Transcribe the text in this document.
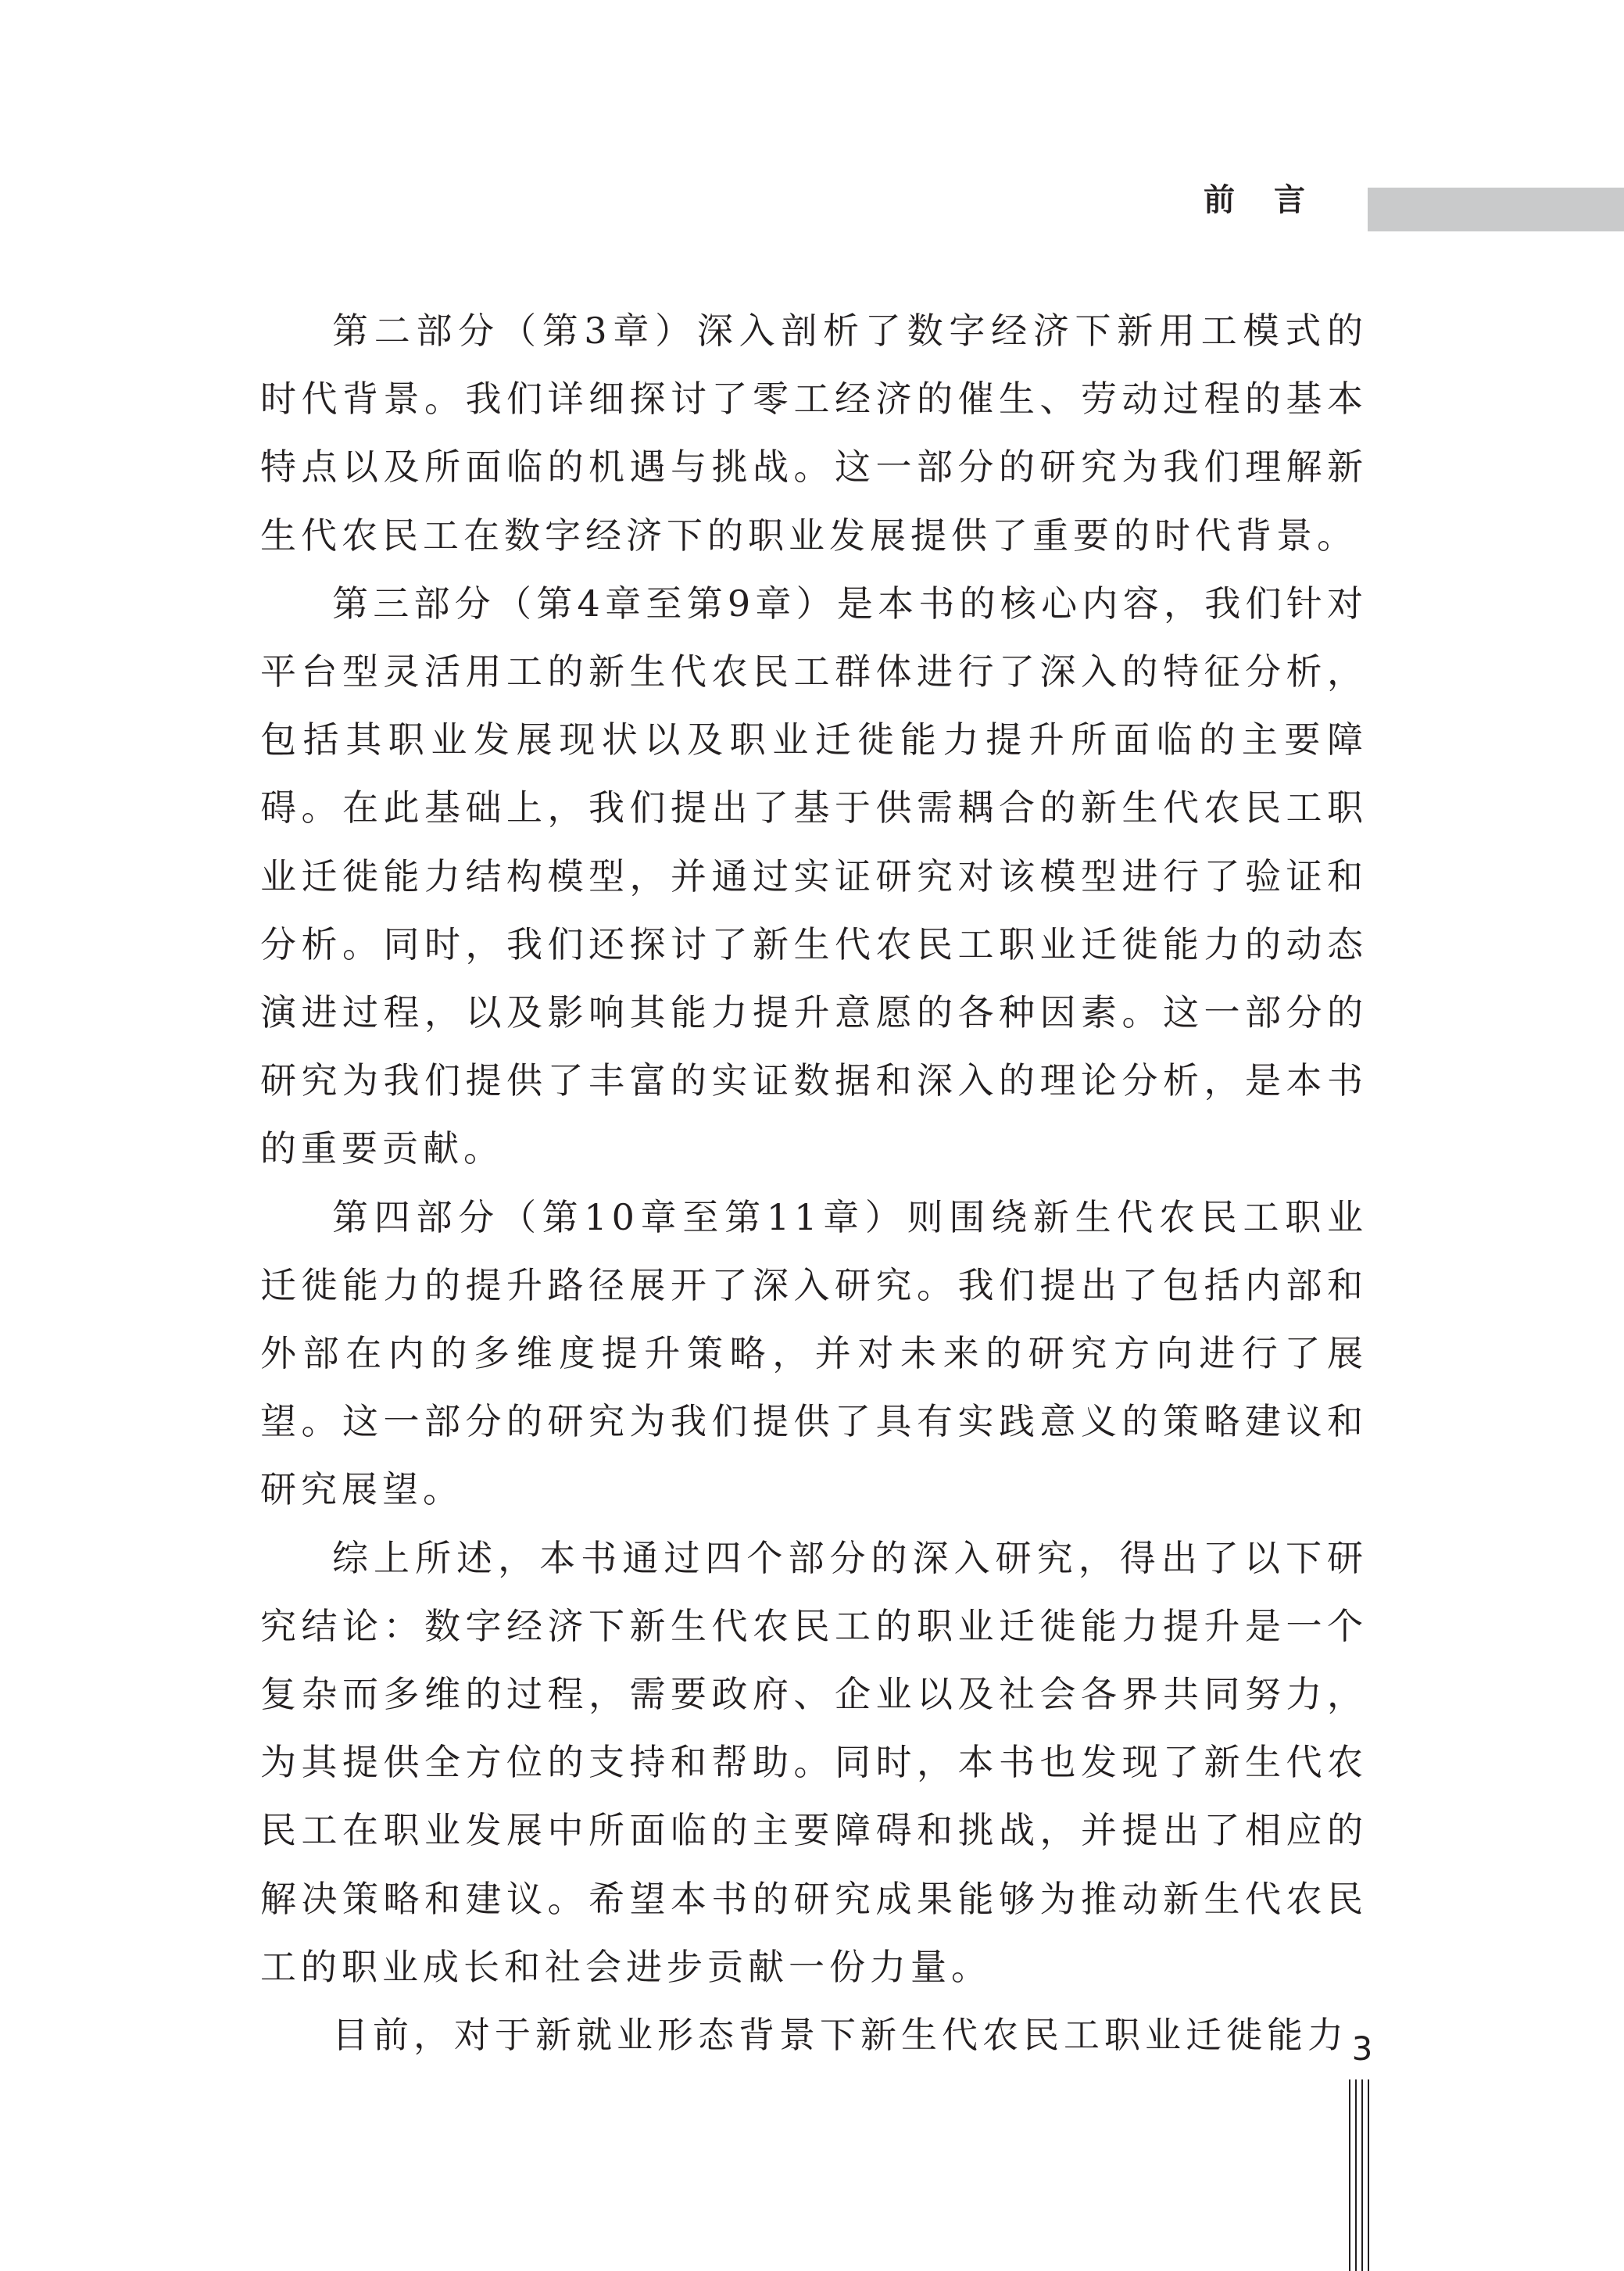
前言

第二部分（第3章）深入剖析了数字经济下新用工模式的时代背景。我们详细探讨了零工经济的催生、劳动过程的基本特点以及所面临的机遇与挑战。这一部分的研究为我们理解新生代农民工在数字经济下的职业发展提供了重要的时代背景。

第三部分（第4章至第9章）是本书的核心内容，我们针对平台型灵活用工的新生代农民工群体进行了深入的特征分析，包括其职业发展现状以及职业迁徙能力提升所面临的主要障碍。在此基础上，我们提出了基于供需耦合的新生代农民工职业迁徙能力结构模型，并通过实证研究对该模型进行了验证和分析。同时，我们还探讨了新生代农民工职业迁徙能力的动态演进过程，以及影响其能力提升意愿的各种因素。这一部分的研究为我们提供了丰富的实证数据和深入的理论分析，是本书的重要贡献。

第四部分（第10章至第11章）则围绕新生代农民工职业迁徙能力的提升路径展开了深入研究。我们提出了包括内部和外部在内的多维度提升策略，并对未来的研究方向进行了展望。这一部分的研究为我们提供了具有实践意义的策略建议和研究展望。

综上所述，本书通过四个部分的深入研究，得出了以下研究结论：数字经济下新生代农民工的职业迁徙能力提升是一个复杂而多维的过程，需要政府、企业以及社会各界共同努力，为其提供全方位的支持和帮助。同时，本书也发现了新生代农民工在职业发展中所面临的主要障碍和挑战，并提出了相应的解决策略和建议。希望本书的研究成果能够为推动新生代农民工的职业成长和社会进步贡献一份力量。

目前，对于新就业形态背景下新生代农民工职业迁徙能力 3
